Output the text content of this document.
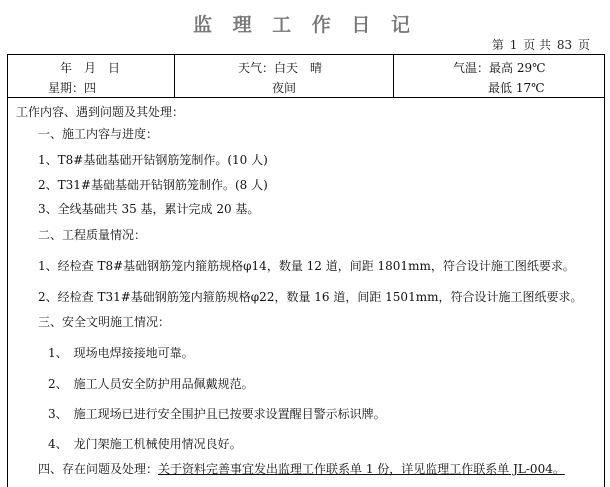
监 理 工 作 日 记
第 1 页 共 83 页
年　月　日
星期：四
天气：白天　晴
夜间
气温：最高 29℃
最低 17℃
工作内容、遇到问题及其处理：
一、施工内容与进度：
1、T8#基础基础开钻钢筋笼制作。(10 人)
2、T31#基础基础开钻钢筋笼制作。(8 人)
3、全线基础共 35 基，累计完成 20 基。
二、工程质量情况：
1、经检查 T8#基础钢筋笼内箍筋规格φ14，数量 12 道，间距 1801mm，符合设计施工图纸要求。
2、经检查 T31#基础钢筋笼内箍筋规格φ22，数量 16 道，间距 1501mm，符合设计施工图纸要求。
三、安全文明施工情况：
1、　现场电焊接接地可靠。
2、　施工人员安全防护用品佩戴规范。
3、　施工现场已进行安全围护且已按要求设置醒目警示标识牌。
4、　龙门架施工机械使用情况良好。
四、存在问题及处理：关于资料完善事宜发出监理工作联系单 1 份，详见监理工作联系单 JL-004。
